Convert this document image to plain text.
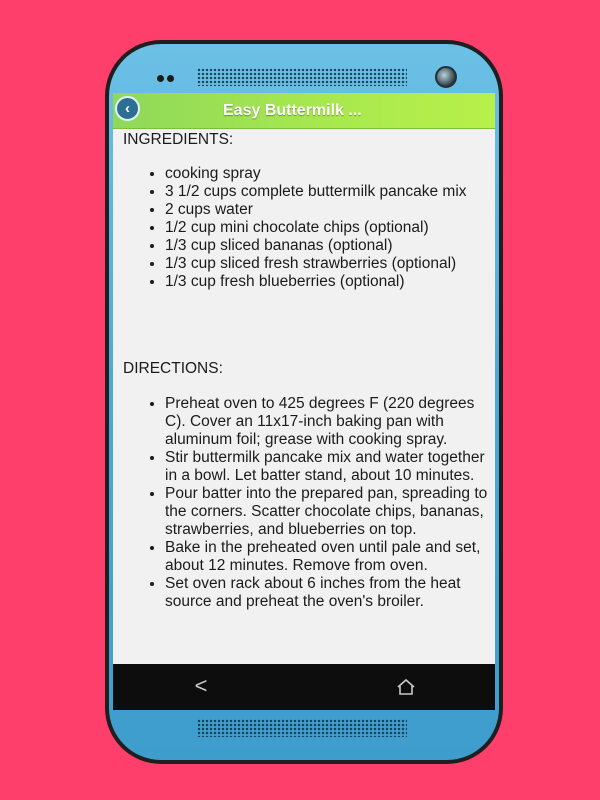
‹	Easy Buttermilk ...
INGREDIENTS:
• cooking spray
• 3 1/2 cups complete buttermilk pancake mix
• 2 cups water
• 1/2 cup mini chocolate chips (optional)
• 1/3 cup sliced bananas (optional)
• 1/3 cup sliced fresh strawberries (optional)
• 1/3 cup fresh blueberries (optional)
DIRECTIONS:
• Preheat oven to 425 degrees F (220 degrees C). Cover an 11x17-inch baking pan with aluminum foil; grease with cooking spray.
• Stir buttermilk pancake mix and water together in a bowl. Let batter stand, about 10 minutes.
• Pour batter into the prepared pan, spreading to the corners. Scatter chocolate chips, bananas, strawberries, and blueberries on top.
• Bake in the preheated oven until pale and set, about 12 minutes. Remove from oven.
• Set oven rack about 6 inches from the heat source and preheat the oven's broiler.
<
